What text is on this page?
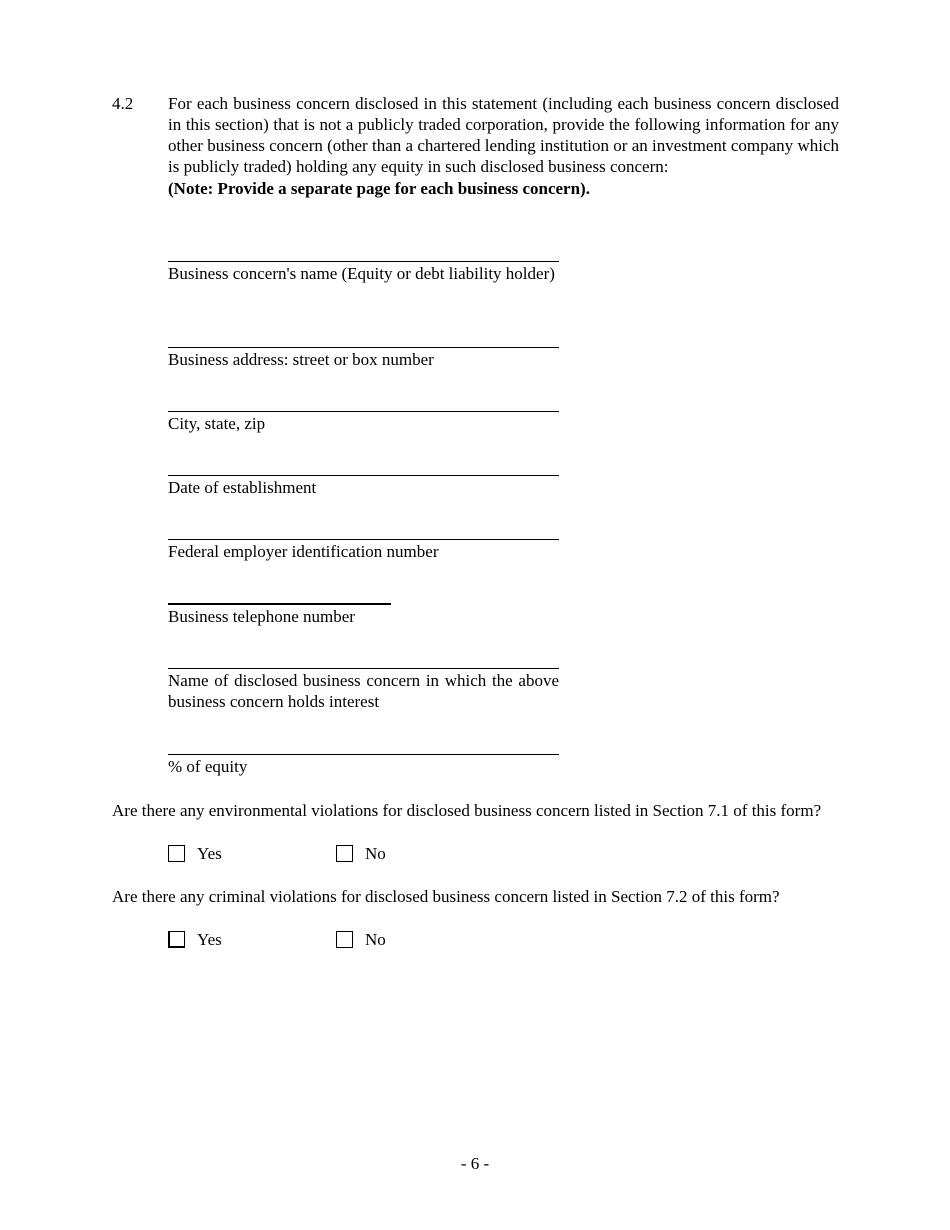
4.2 For each business concern disclosed in this statement (including each business concern disclosed in this section) that is not a publicly traded corporation, provide the following information for any other business concern (other than a chartered lending institution or an investment company which is publicly traded) holding any equity in such disclosed business concern:
(Note: Provide a separate page for each business concern).
Business concern's name (Equity or debt liability holder)
Business address: street or box number
City, state, zip
Date of establishment
Federal employer identification number
Business telephone number
Name of disclosed business concern in which the above business concern holds interest
% of equity
Are there any environmental violations for disclosed business concern listed in Section 7.1 of this form?
Yes	No
Are there any criminal violations for disclosed business concern listed in Section 7.2 of this form?
Yes	No
- 6 -
